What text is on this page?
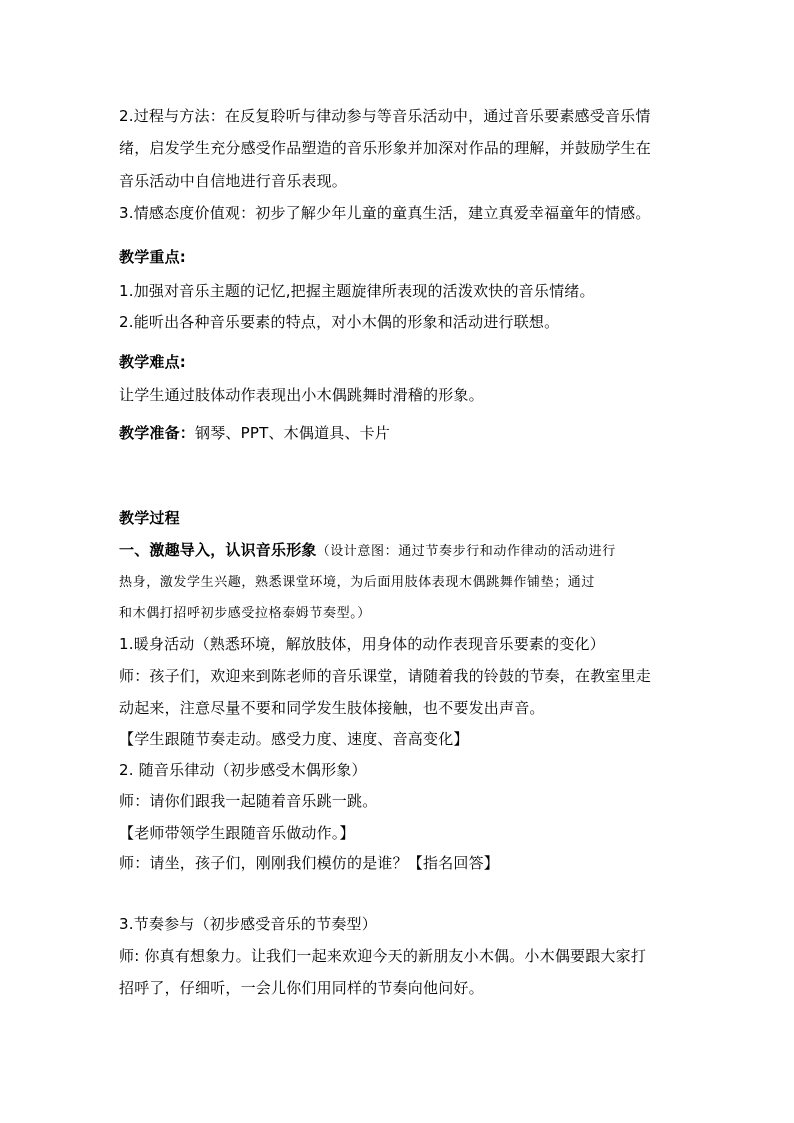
2.过程与方法：在反复聆听与律动参与等音乐活动中，通过音乐要素感受音乐情
绪，启发学生充分感受作品塑造的音乐形象并加深对作品的理解，并鼓励学生在
音乐活动中自信地进行音乐表现。
3.情感态度价值观：初步了解少年儿童的童真生活，建立真爱幸福童年的情感。
教学重点:
1.加强对音乐主题的记忆,把握主题旋律所表现的活泼欢快的音乐情绪。
2.能听出各种音乐要素的特点，对小木偶的形象和活动进行联想。
教学难点:
让学生通过肢体动作表现出小木偶跳舞时滑稽的形象。
教学准备：钢琴、PPT、木偶道具、卡片
教学过程
一、激趣导入，认识音乐形象（设计意图：通过节奏步行和动作律动的活动进行
热身，激发学生兴趣，熟悉课堂环境，为后面用肢体表现木偶跳舞作铺垫；通过
和木偶打招呼初步感受拉格泰姆节奏型。）
1.暖身活动（熟悉环境，解放肢体，用身体的动作表现音乐要素的变化）
师：孩子们，欢迎来到陈老师的音乐课堂，请随着我的铃鼓的节奏，在教室里走
动起来，注意尽量不要和同学发生肢体接触，也不要发出声音。
【学生跟随节奏走动。感受力度、速度、音高变化】
2. 随音乐律动（初步感受木偶形象）
师：请你们跟我一起随着音乐跳一跳。
【老师带领学生跟随音乐做动作。】
师：请坐，孩子们，刚刚我们模仿的是谁？【指名回答】
3.节奏参与（初步感受音乐的节奏型）
师: 你真有想象力。让我们一起来欢迎今天的新朋友小木偶。小木偶要跟大家打
招呼了，仔细听，一会儿你们用同样的节奏向他问好。
